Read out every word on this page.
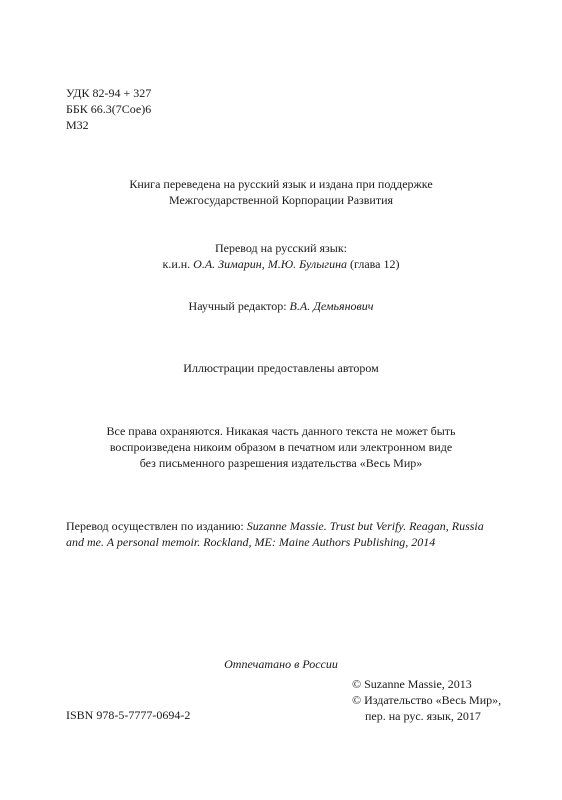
УДК 82-94 + 327
ББК 66.3(7Сое)6
М32
Книга переведена на русский язык и издана при поддержке
Межгосударственной Корпорации Развития
Перевод на русский язык:
к.и.н. О.А. Зимарин, М.Ю. Булыгина (глава 12)
Научный редактор: В.А. Демьянович
Иллюстрации предоставлены автором
Все права охраняются. Никакая часть данного текста не может быть
воспроизведена никоим образом в печатном или электронном виде
без письменного разрешения издательства «Весь Мир»
Перевод осуществлен по изданию: Suzanne Massie. Trust but Verify. Reagan, Russia
and me. A personal memoir. Rockland, ME: Maine Authors Publishing, 2014
Отпечатано в России
© Suzanne Massie, 2013
© Издательство «Весь Мир»,
пер. на рус. язык, 2017
ISBN 978-5-7777-0694-2
